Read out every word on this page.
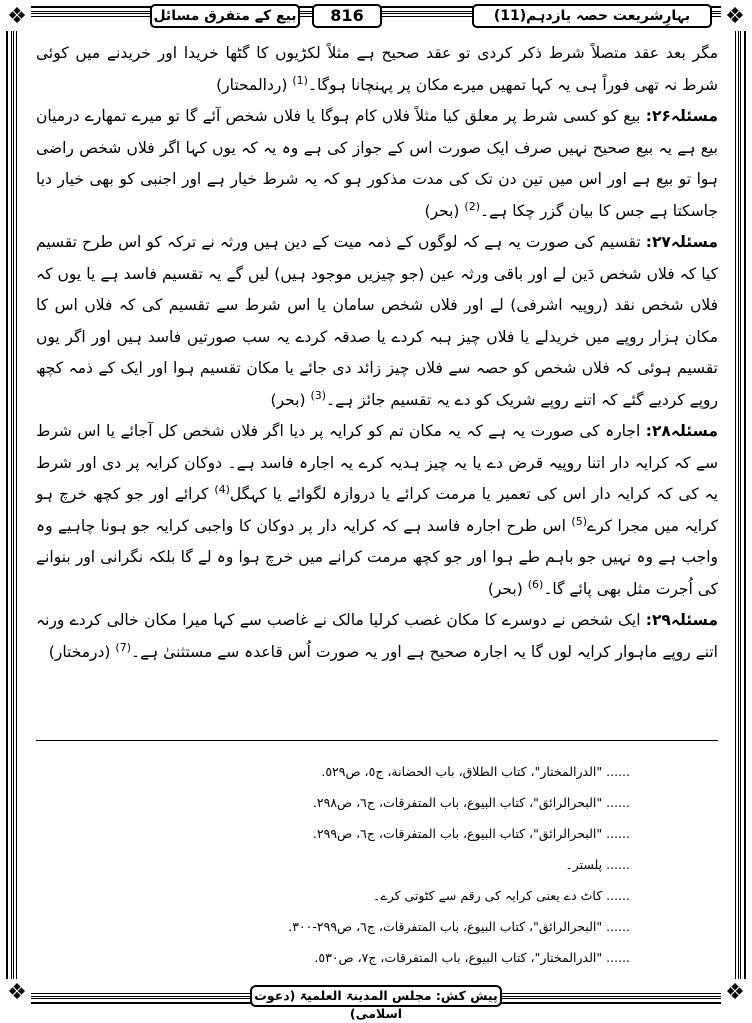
❖	❖
❖	❖
بہارِشریعت حصہ یازدہم(11)
816
بیع کے متفرق مسائل

مگر بعد عقد متصلاً شرط ذکر کردی تو عقد صحیح ہے مثلاً لکڑیوں کا گٹھا خریدا اور خریدنے میں کوئی شرط نہ تھی فوراً ہی یہ کہا تمھیں میرے مکان پر پہنچانا ہوگا۔$^{(1)}$ (ردالمحتار)

مسئلہ۲۶: بیع کو کسی شرط پر معلق کیا مثلاً فلاں کام ہوگا یا فلاں شخص آئے گا تو میرے تمھارے درمیان بیع ہے یہ بیع صحیح نہیں صرف ایک صورت اس کے جواز کی ہے وہ یہ کہ یوں کہا اگر فلاں شخص راضی ہوا تو بیع ہے اور اس میں تین دن تک کی مدت مذکور ہو کہ یہ شرط خیار ہے اور اجنبی کو بھی خیار دیا جاسکتا ہے جس کا بیان گزر چکا ہے۔$^{(2)}$ (بحر)

مسئلہ۲۷: تقسیم کی صورت یہ ہے کہ لوگوں کے ذمہ میت کے دین ہیں ورثہ نے ترکہ کو اس طرح تقسیم کیا کہ فلاں شخص دَین لے اور باقی ورثہ عین (جو چیزیں موجود ہیں) لیں گے یہ تقسیم فاسد ہے یا یوں کہ فلاں شخص نقد (روپیہ اشرفی) لے اور فلاں شخص سامان یا اس شرط سے تقسیم کی کہ فلاں اس کا مکان ہزار روپے میں خریدلے یا فلاں چیز ہبہ کردے یا صدقہ کردے یہ سب صورتیں فاسد ہیں اور اگر یوں تقسیم ہوئی کہ فلاں شخص کو حصہ سے فلاں چیز زائد دی جائے یا مکان تقسیم ہوا اور ایک کے ذمہ کچھ روپے کردیے گئے کہ اتنے روپے شریک کو دے یہ تقسیم جائز ہے۔$^{(3)}$ (بحر)

مسئلہ۲۸: اجارہ کی صورت یہ ہے کہ یہ مکان تم کو کرایہ پر دیا اگر فلاں شخص کل آجائے یا اس شرط سے کہ کرایہ دار اتنا روپیہ قرض دے یا یہ چیز ہدیہ کرے یہ اجارہ فاسد ہے۔ دوکان کرایہ پر دی اور شرط یہ کی کہ کرایہ دار اس کی تعمیر یا مرمت کرائے یا دروازہ لگوائے یا کہگل$^{(4)}$ کرائے اور جو کچھ خرچ ہو کرایہ میں مجرا کرے$^{(5)}$ اس طرح اجارہ فاسد ہے کہ کرایہ دار پر دوکان کا واجبی کرایہ جو ہونا چاہیے وہ واجب ہے وہ نہیں جو باہم طے ہوا اور جو کچھ مرمت کرانے میں خرچ ہوا وہ لے گا بلکہ نگرانی اور بنوانے کی اُجرت مثل بھی پائے گا۔$^{(6)}$ (بحر)

مسئلہ۲۹: ایک شخص نے دوسرے کا مکان غصب کرلیا مالک نے غاصب سے کہا میرا مکان خالی کردے ورنہ اتنے روپے ماہوار کرایہ لوں گا یہ اجارہ صحیح ہے اور یہ صورت اُس قاعدہ سے مستثنیٰ ہے۔$^{(7)}$ (درمختار)

......"الدرالمختار"، کتاب الطلاق، باب الحضانة، ج٥، ص٥٢٩.
......"البحرالرائق"، کتاب البیوع، باب المتفرقات، ج٦، ص٢٩٨.
......"البحرالرائق"، کتاب البیوع، باب المتفرقات، ج٦، ص٢٩٩.
......پلستر۔
......کاٹ دے یعنی کرایہ کی رقم سے کٹوتی کرے۔
......"البحرالرائق"، کتاب البیوع، باب المتفرقات، ج٦، ص٢٩٩-٣٠٠.
......"الدرالمختار"، کتاب البیوع، باب المتفرقات، ج٧، ص٥٣٠.
پیش کش: مجلس المدینۃ العلمیۃ (دعوت اسلامی)
